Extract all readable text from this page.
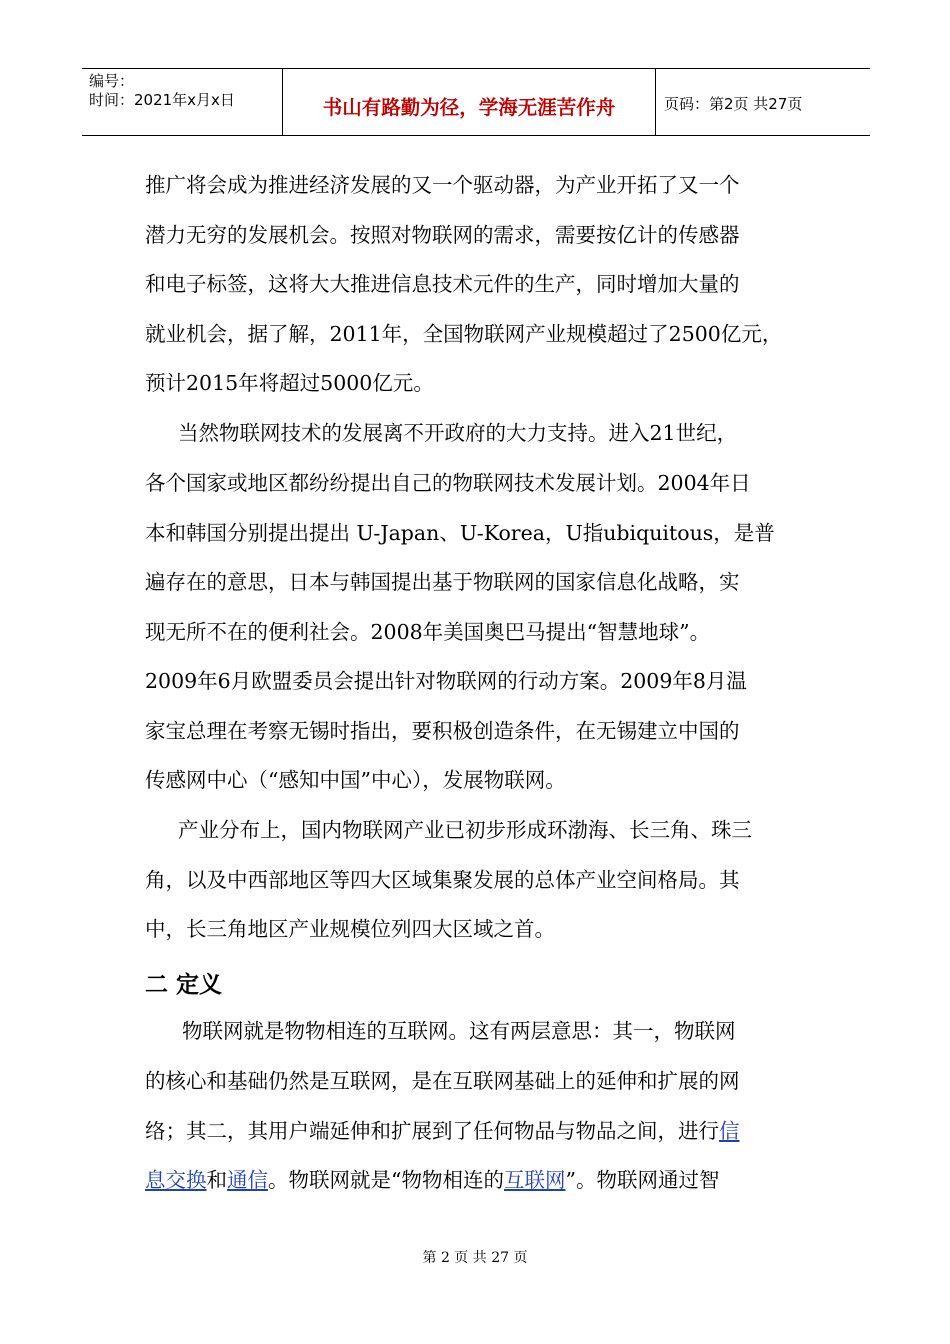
编号：
时间：2021年x月x日	书山有路勤为径，学海无涯苦作舟	页码：第2页 共27页
推广将会成为推进经济发展的又一个驱动器，为产业开拓了又一个
潜力无穷的发展机会。按照对物联网的需求，需要按亿计的传感器
和电子标签，这将大大推进信息技术元件的生产，同时增加大量的
就业机会，据了解，2011年，全国物联网产业规模超过了2500亿元，
预计2015年将超过5000亿元。
当然物联网技术的发展离不开政府的大力支持。进入21世纪，
各个国家或地区都纷纷提出自己的物联网技术发展计划。2004年日
本和韩国分别提出提出 U-Japan、U-Korea，U指ubiquitous，是普
遍存在的意思，日本与韩国提出基于物联网的国家信息化战略，实
现无所不在的便利社会。2008年美国奥巴马提出“智慧地球”。
2009年6月欧盟委员会提出针对物联网的行动方案。2009年8月温
家宝总理在考察无锡时指出，要积极创造条件，在无锡建立中国的
传感网中心（“感知中国”中心），发展物联网。
产业分布上，国内物联网产业已初步形成环渤海、长三角、珠三
角，以及中西部地区等四大区域集聚发展的总体产业空间格局。其
中，长三角地区产业规模位列四大区域之首。
二 定义
物联网就是物物相连的互联网。这有两层意思：其一，物联网
的核心和基础仍然是互联网，是在互联网基础上的延伸和扩展的网
络；其二，其用户端延伸和扩展到了任何物品与物品之间，进行信
息交换和通信。物联网就是“物物相连的互联网”。物联网通过智
第 2 页 共 27 页
